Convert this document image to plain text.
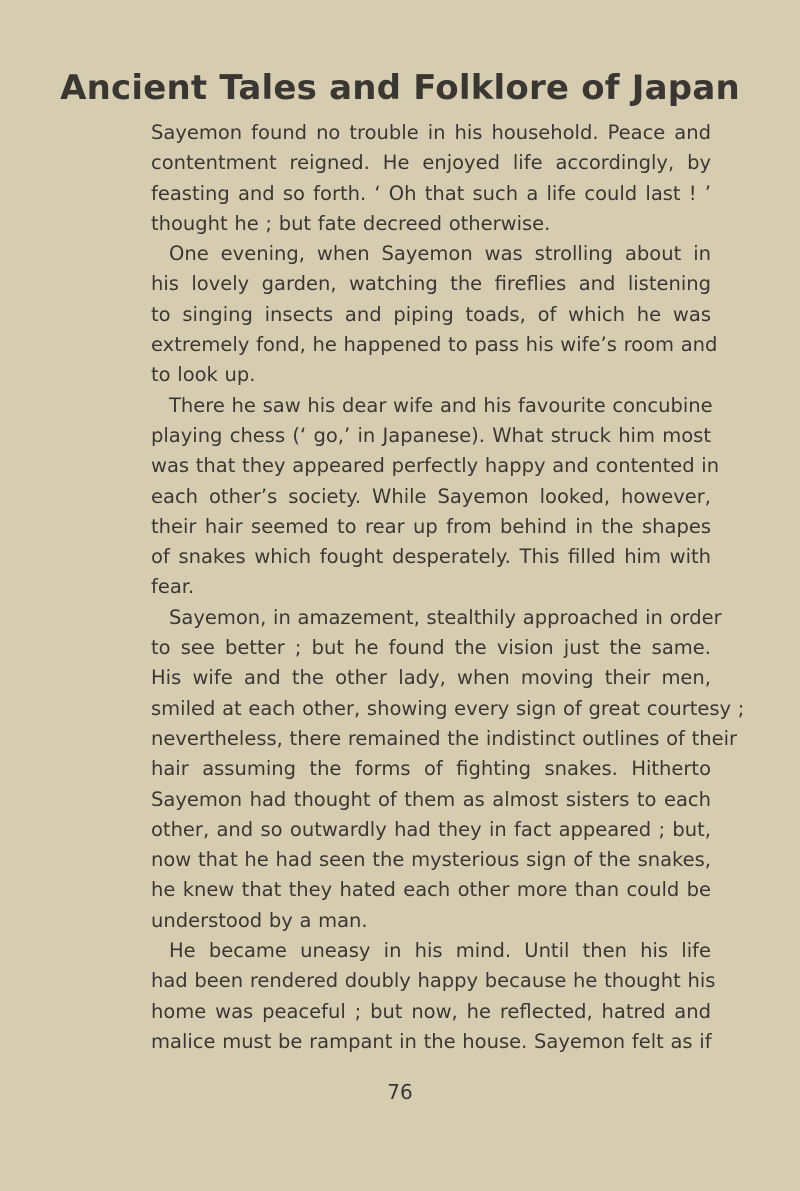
Ancient Tales and Folklore of Japan
Sayemon found no trouble in his household. Peace and
contentment reigned. He enjoyed life accordingly, by
feasting and so forth. ‘ Oh that such a life could last ! ’
thought he ; but fate decreed otherwise.
One evening, when Sayemon was strolling about in
his lovely garden, watching the fireflies and listening
to singing insects and piping toads, of which he was
extremely fond, he happened to pass his wife’s room and
to look up.
There he saw his dear wife and his favourite concubine
playing chess (‘ go,’ in Japanese). What struck him most
was that they appeared perfectly happy and contented in
each other’s society. While Sayemon looked, however,
their hair seemed to rear up from behind in the shapes
of snakes which fought desperately. This filled him with
fear.
Sayemon, in amazement, stealthily approached in order
to see better ; but he found the vision just the same.
His wife and the other lady, when moving their men,
smiled at each other, showing every sign of great courtesy ;
nevertheless, there remained the indistinct outlines of their
hair assuming the forms of fighting snakes. Hitherto
Sayemon had thought of them as almost sisters to each
other, and so outwardly had they in fact appeared ; but,
now that he had seen the mysterious sign of the snakes,
he knew that they hated each other more than could be
understood by a man.
He became uneasy in his mind. Until then his life
had been rendered doubly happy because he thought his
home was peaceful ; but now, he reflected, hatred and
malice must be rampant in the house. Sayemon felt as if
76
